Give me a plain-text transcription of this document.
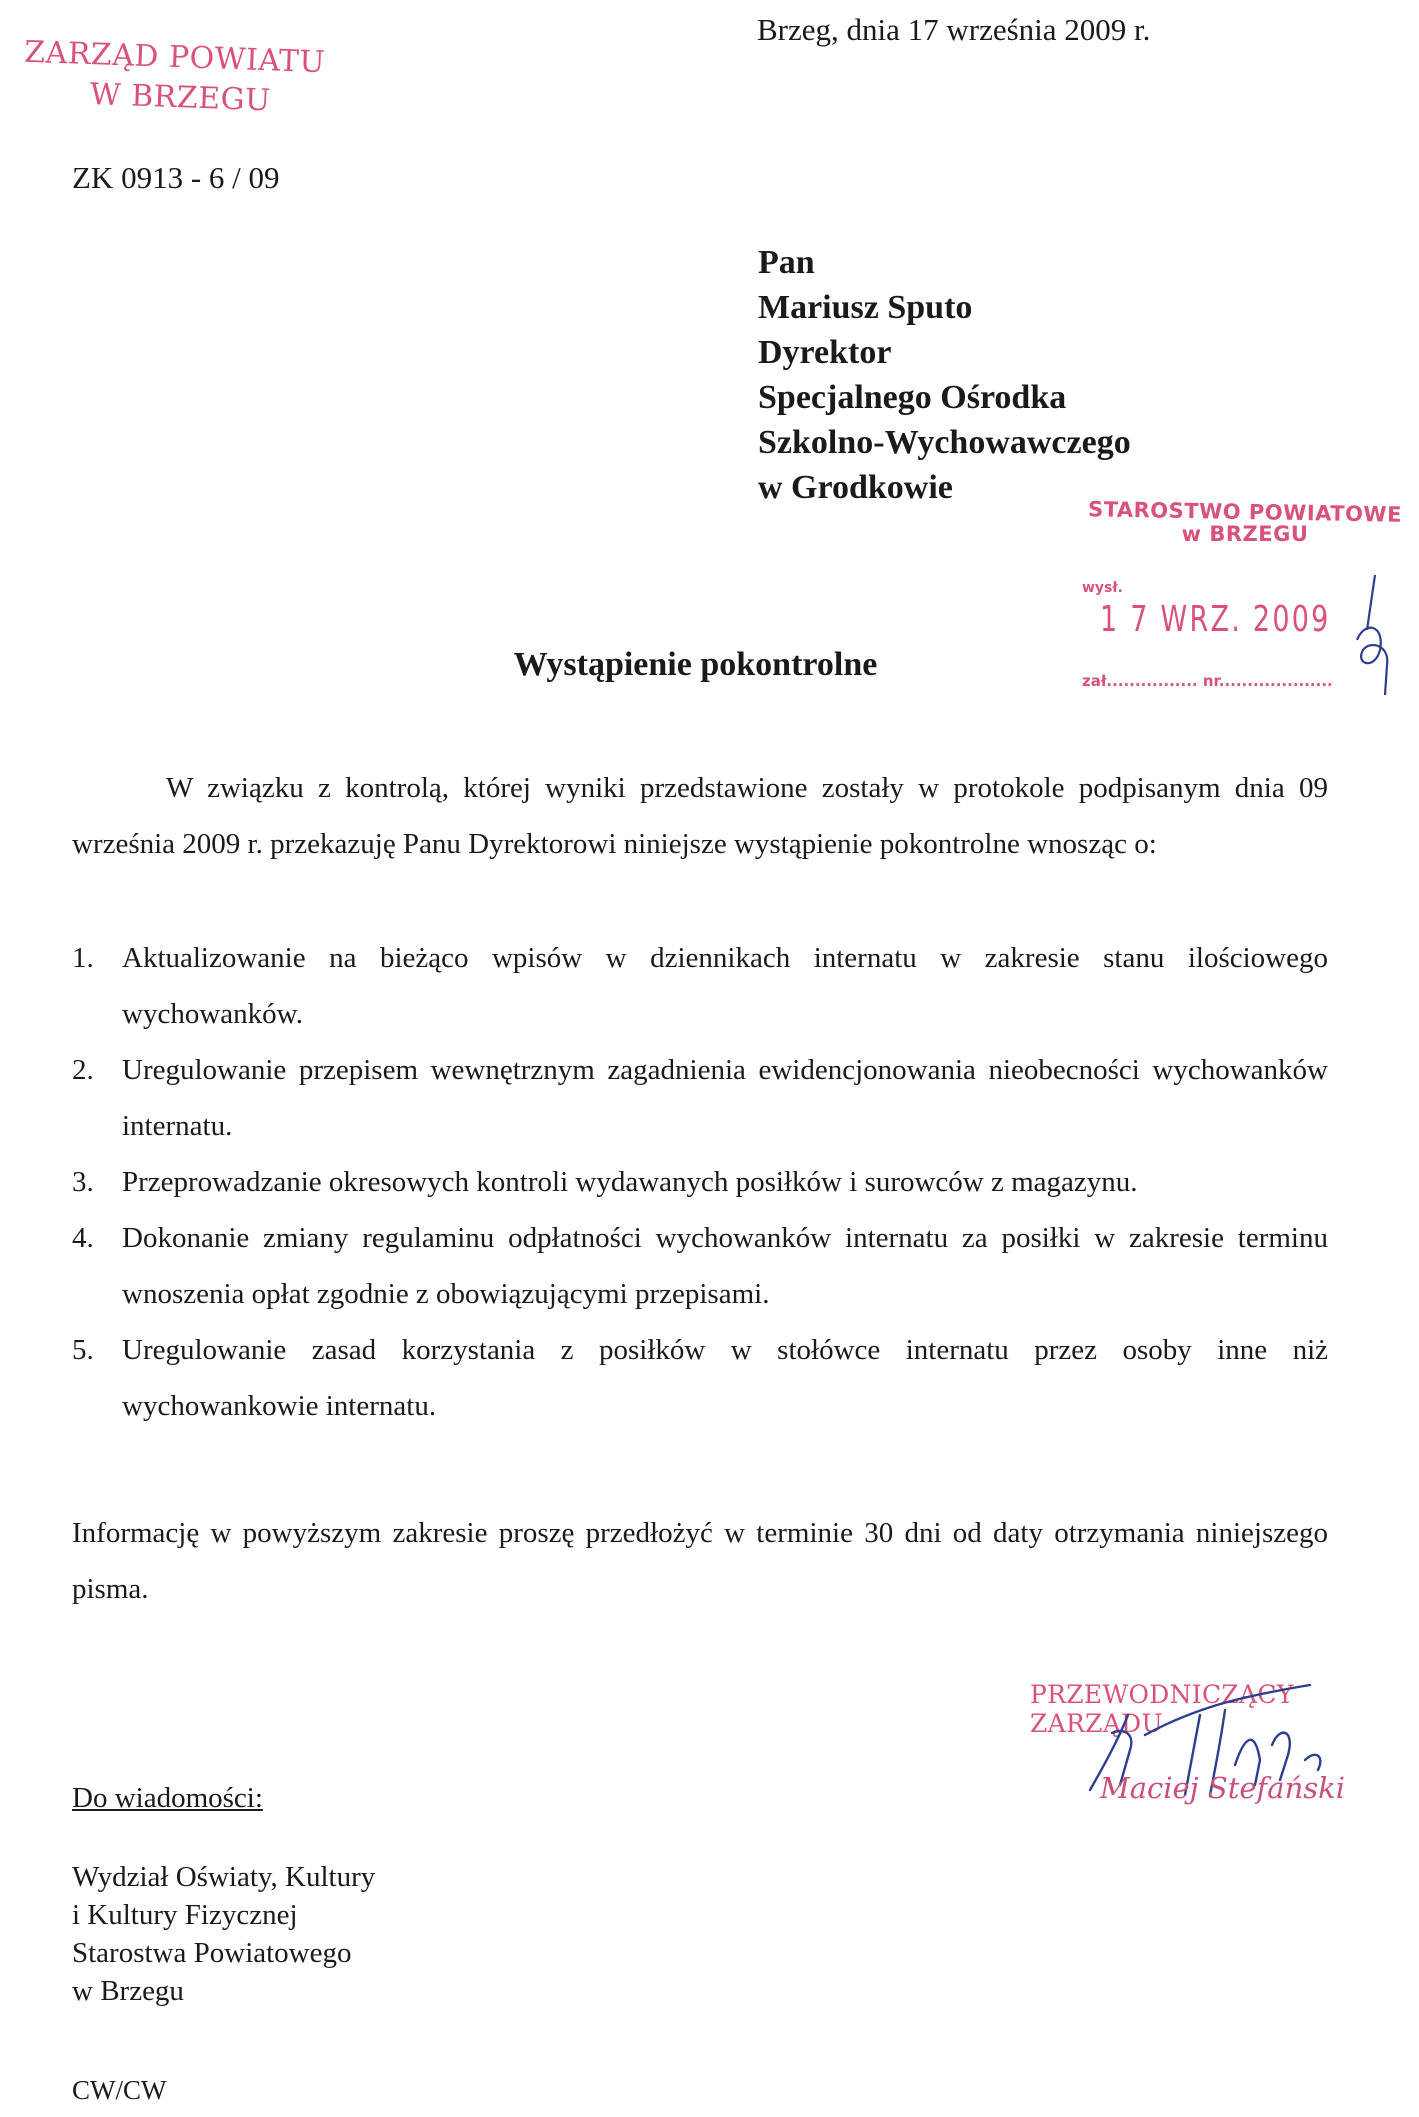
ZARZĄD POWIATU
W BRZEGU
Brzeg, dnia 17 września 2009 r.
ZK 0913 - 6 / 09
Pan
Mariusz Sputo
Dyrektor
Specjalnego Ośrodka
Szkolno-Wychowawczego
w Grodkowie
STAROSTWO POWIATOWE
w BRZEGU
wysł. 1 7 WRZ. 2009
zał................ nr....................
Wystąpienie pokontrolne
W związku z kontrolą, której wyniki przedstawione zostały w protokole podpisanym dnia 09 września 2009 r. przekazuję Panu Dyrektorowi niniejsze wystąpienie pokontrolne wnosząc o:
1. Aktualizowanie na bieżąco wpisów w dziennikach internatu w zakresie stanu ilościowego wychowanków.
2. Uregulowanie przepisem wewnętrznym zagadnienia ewidencjonowania nieobecności wychowanków internatu.
3. Przeprowadzanie okresowych kontroli wydawanych posiłków i surowców z magazynu.
4. Dokonanie zmiany regulaminu odpłatności wychowanków internatu za posiłki w zakresie terminu wnoszenia opłat zgodnie z obowiązującymi przepisami.
5. Uregulowanie zasad korzystania z posiłków w stołówce internatu przez osoby inne niż wychowankowie internatu.
Informację w powyższym zakresie proszę przedłożyć w terminie 30 dni od daty otrzymania niniejszego pisma.
PRZEWODNICZĄCY ZARZĄDU
Maciej Stefański
Do wiadomości:
Wydział Oświaty, Kultury
i Kultury Fizycznej
Starostwa Powiatowego
w Brzegu
CW/CW
